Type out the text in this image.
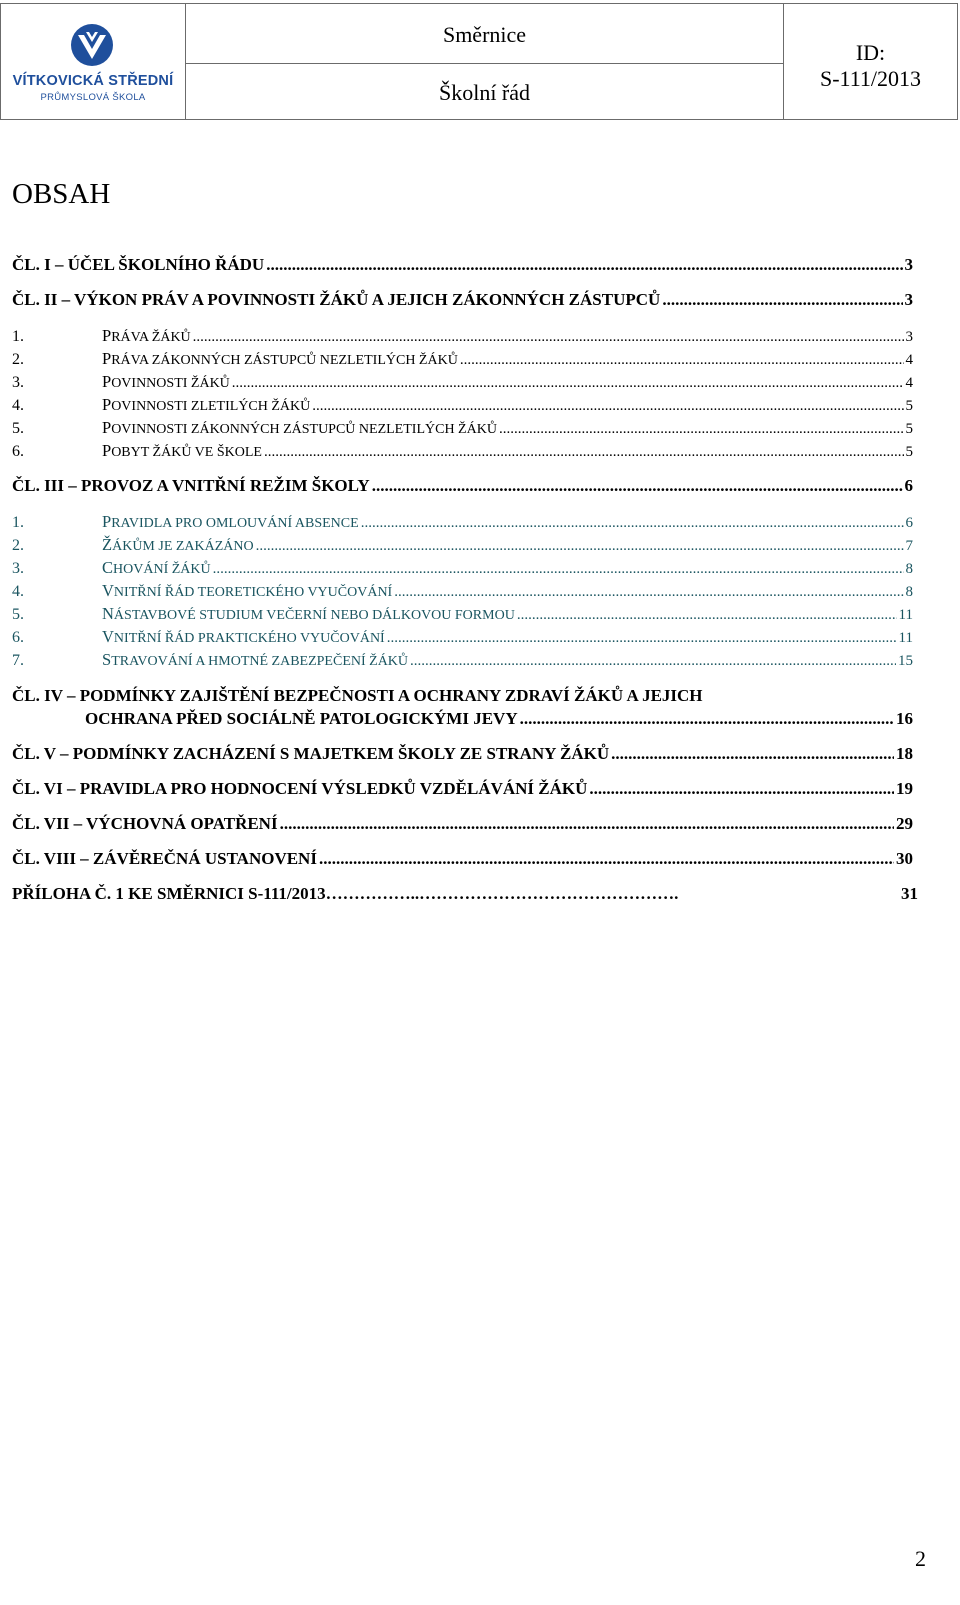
VÍTKOVICKÁ STŘEDNÍ
PRŮMYSLOVÁ ŠKOLA
Směrnice
Školní řád
ID:
S-111/2013
OBSAH
ČL. I – ÚČEL ŠKOLNÍHO ŘÁDU .....	3
ČL. II – VÝKON PRÁV A POVINNOSTI ŽÁKŮ A JEJICH ZÁKONNÝCH ZÁSTUPCŮ .....	3
1.	PRÁVA ŽÁKŮ .....	3
2.	PRÁVA ZÁKONNÝCH ZÁSTUPCŮ NEZLETILÝCH ŽÁKŮ .....	4
3.	POVINNOSTI ŽÁKŮ .....	4
4.	POVINNOSTI ZLETILÝCH ŽÁKŮ .....	5
5.	POVINNOSTI ZÁKONNÝCH ZÁSTUPCŮ NEZLETILÝCH ŽÁKŮ .....	5
6.	POBYT ŽÁKŮ VE ŠKOLE .....	5
ČL. III – PROVOZ A VNITŘNÍ REŽIM ŠKOLY .....	6
1.	PRAVIDLA PRO OMLOUVÁNÍ ABSENCE .....	6
2.	ŽÁKŮM JE ZAKÁZÁNO .....	7
3.	CHOVÁNÍ ŽÁKŮ .....	8
4.	VNITŘNÍ ŘÁD TEORETICKÉHO VYUČOVÁNÍ .....	8
5.	NÁSTAVBOVÉ STUDIUM VEČERNÍ NEBO DÁLKOVOU FORMOU .....	11
6.	VNITŘNÍ ŘÁD PRAKTICKÉHO VYUČOVÁNÍ .....	11
7.	STRAVOVÁNÍ A HMOTNÉ ZABEZPEČENÍ ŽÁKŮ .....	15
ČL. IV – PODMÍNKY ZAJIŠTĚNÍ BEZPEČNOSTI A OCHRANY ZDRAVÍ ŽÁKŮ A JEJICH
OCHRANA PŘED SOCIÁLNĚ PATOLOGICKÝMI JEVY .....	16
ČL. V – PODMÍNKY ZACHÁZENÍ S MAJETKEM ŠKOLY ZE STRANY ŽÁKŮ .....	18
ČL. VI – PRAVIDLA PRO HODNOCENÍ VÝSLEDKŮ VZDĚLÁVÁNÍ ŽÁKŮ .....	19
ČL. VII – VÝCHOVNÁ OPATŘENÍ .....	29
ČL. VIII – ZÁVĚREČNÁ USTANOVENÍ .....	30
PŘÍLOHA Č. 1 KE SMĚRNICI S-111/2013 ……………..……………………………………….	31
2
